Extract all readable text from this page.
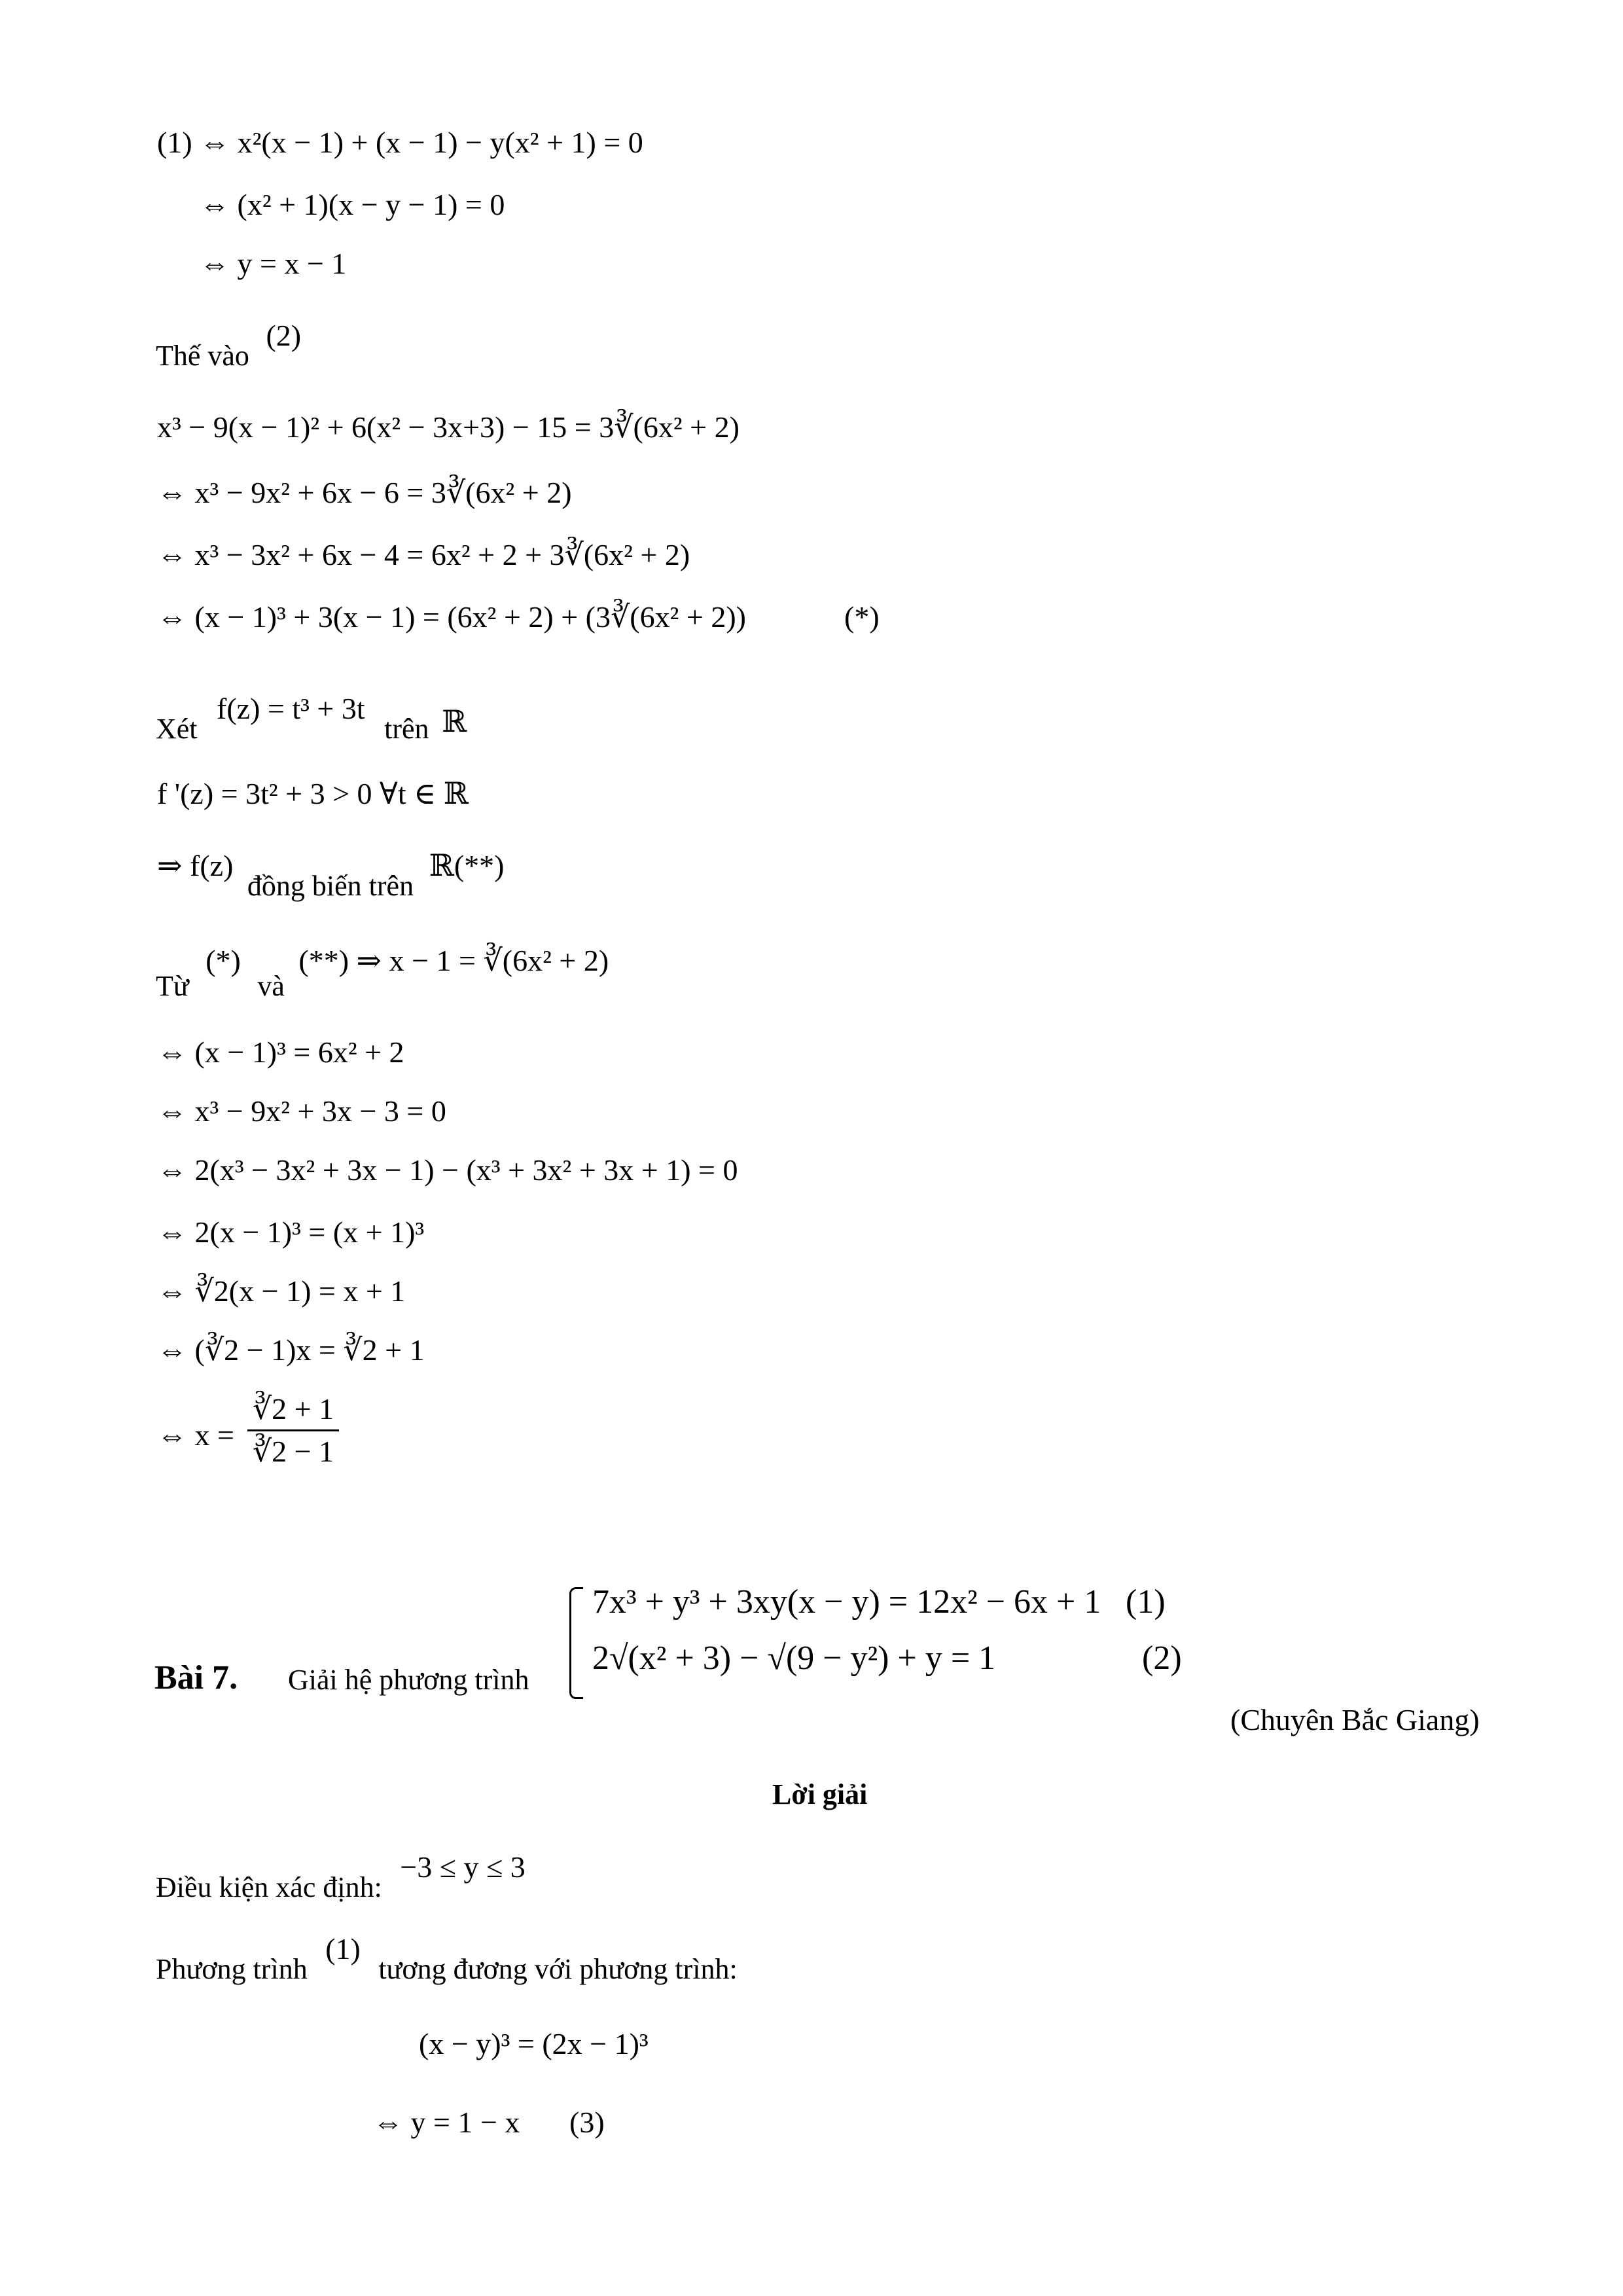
(1) ⇔ x²(x − 1) + (x − 1) − y(x² + 1) = 0
⇔ (x² + 1)(x − y − 1) = 0
⇔ y = x − 1
Thế vào (2)
x³ − 9(x − 1)² + 6(x² − 3x+3) − 15 = 3∛(6x² + 2)
⇔ x³ − 9x² + 6x − 6 = 3∛(6x² + 2)
⇔ x³ − 3x² + 6x − 4 = 6x² + 2 + 3∛(6x² + 2)
⇔ (x − 1)³ + 3(x − 1) = (6x² + 2) + (3∛(6x² + 2))	(*)
Xét f(z) = t³ + 3t trên ℝ
f '(z) = 3t² + 3 > 0 ∀t ∈ ℝ
⇒ f(z) đồng biến trên ℝ(**)
Từ (*) và (**) ⇒ x − 1 = ∛(6x² + 2)
⇔ (x − 1)³ = 6x² + 2
⇔ x³ − 9x² + 3x − 3 = 0
⇔ 2(x³ − 3x² + 3x − 1) − (x³ + 3x² + 3x + 1) = 0
⇔ 2(x − 1)³ = (x + 1)³
⇔ ∛2(x − 1) = x + 1
⇔ (∛2 − 1)x = ∛2 + 1
⇔ $x = \frac{∛2 + 1}{∛2 - 1}$
Bài 7. Giải hệ phương trình
7x³ + y³ + 3xy(x − y) = 12x² − 6x + 1 (1)
2√(x² + 3) − √(9 − y²) + y = 1	(2)
(Chuyên Bắc Giang)
Lời giải
Điều kiện xác định: −3 ≤ y ≤ 3
Phương trình (1) tương đương với phương trình:
(x − y)³ = (2x − 1)³
⇔ y = 1 − x (3)
